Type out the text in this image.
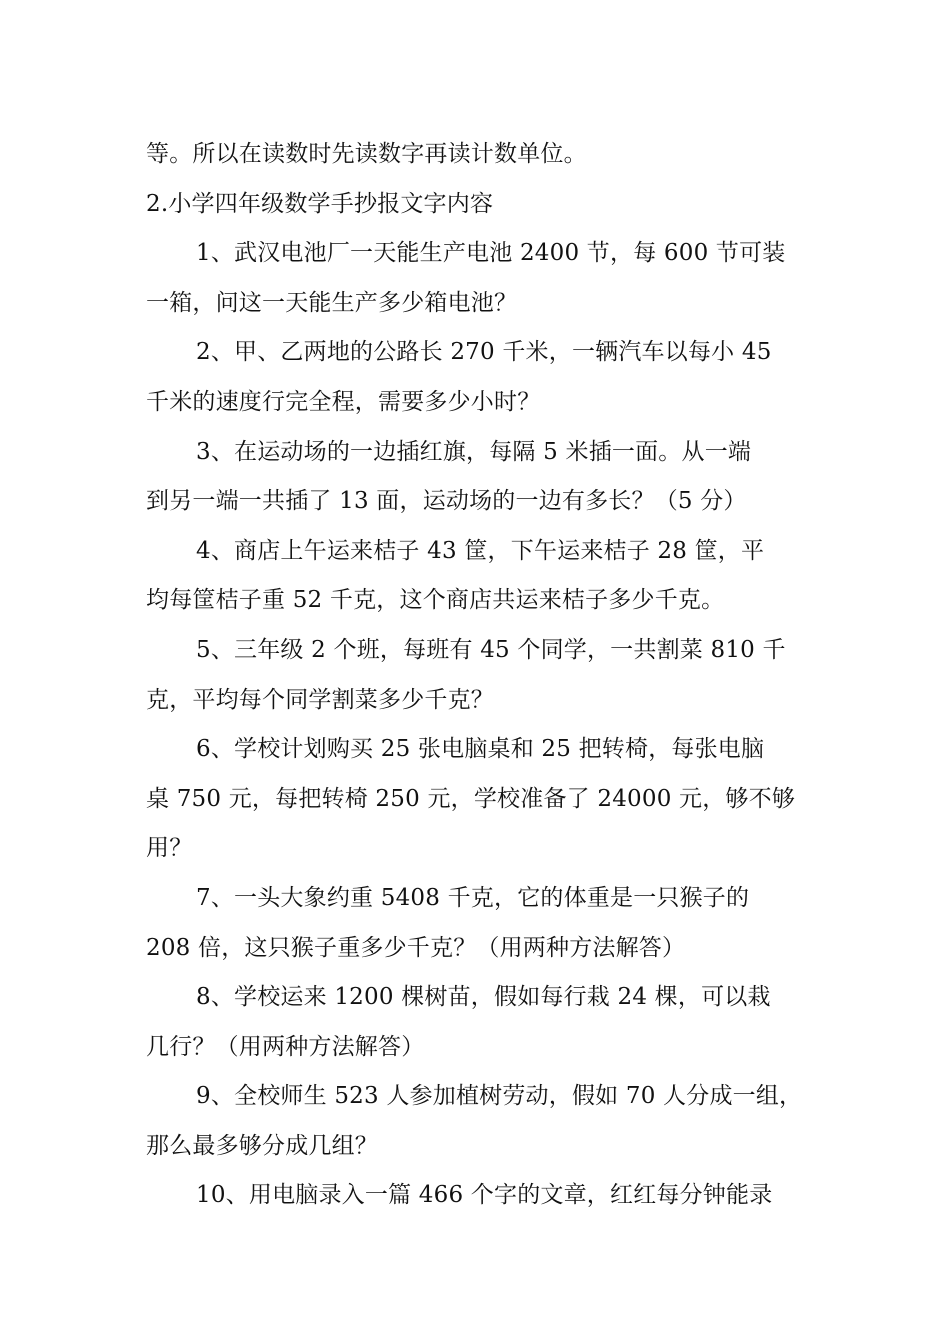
等。所以在读数时先读数字再读计数单位。
2.小学四年级数学手抄报文字内容
1、武汉电池厂一天能生产电池 2400 节，每 600 节可装
一箱，问这一天能生产多少箱电池？
2、甲、乙两地的公路长 270 千米，一辆汽车以每小 45
千米的速度行完全程，需要多少小时？
3、在运动场的一边插红旗，每隔 5 米插一面。从一端
到另一端一共插了 13 面，运动场的一边有多长？（5 分）
4、商店上午运来桔子 43 筐，下午运来桔子 28 筐，平
均每筐桔子重 52 千克，这个商店共运来桔子多少千克。
5、三年级 2 个班，每班有 45 个同学，一共割菜 810 千
克，平均每个同学割菜多少千克？
6、学校计划购买 25 张电脑桌和 25 把转椅，每张电脑
桌 750 元，每把转椅 250 元，学校准备了 24000 元，够不够
用？
7、一头大象约重 5408 千克，它的体重是一只猴子的
208 倍，这只猴子重多少千克？（用两种方法解答）
8、学校运来 1200 棵树苗，假如每行栽 24 棵，可以栽
几行？（用两种方法解答）
9、全校师生 523 人参加植树劳动，假如 70 人分成一组，
那么最多够分成几组？
10、用电脑录入一篇 466 个字的文章，红红每分钟能录
